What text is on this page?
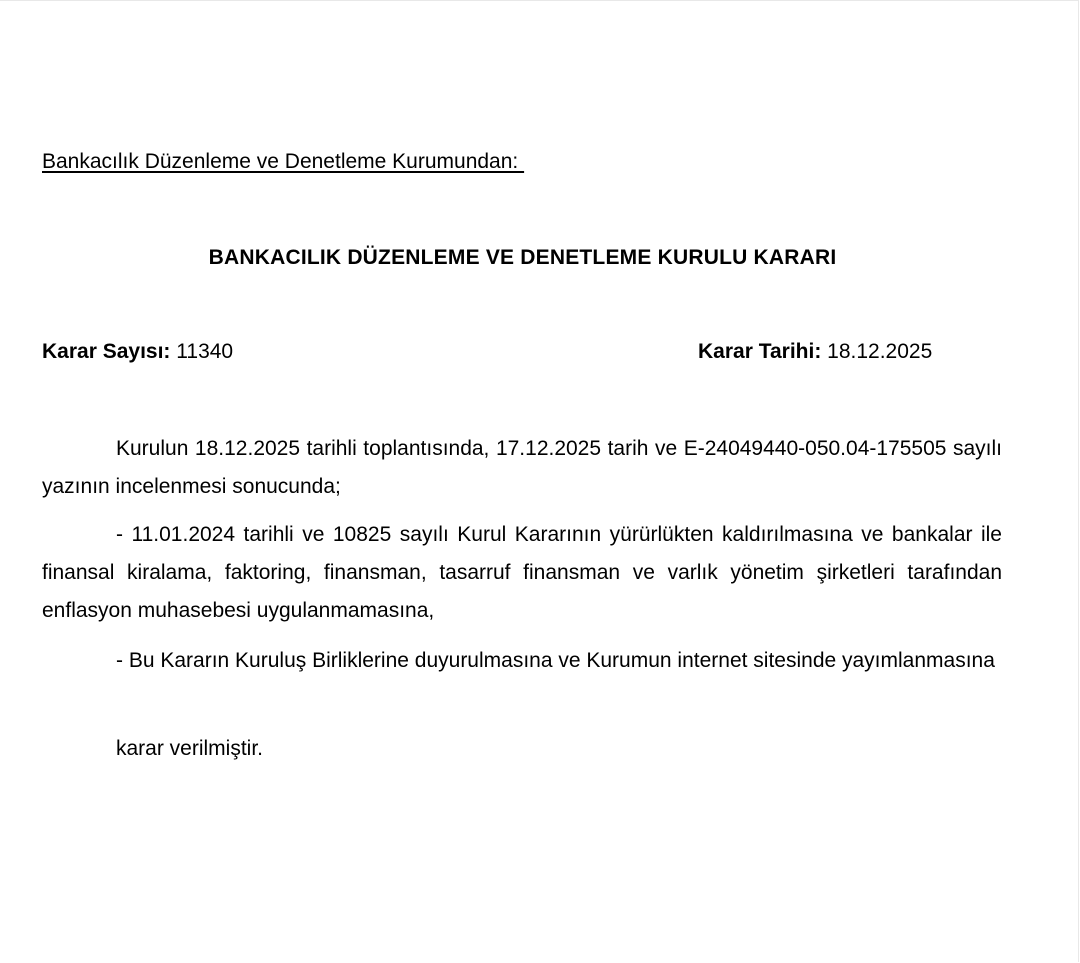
Bankacılık Düzenleme ve Denetleme Kurumundan:
BANKACILIK DÜZENLEME VE DENETLEME KURULU KARARI
Karar Sayısı: 11340	Karar Tarihi: 18.12.2025

Kurulun 18.12.2025 tarihli toplantısında, 17.12.2025 tarih ve E-24049440-050.04-175505 sayılı yazının incelenmesi sonucunda;

- 11.01.2024 tarihli ve 10825 sayılı Kurul Kararının yürürlükten kaldırılmasına ve bankalar ile finansal kiralama, faktoring, finansman, tasarruf finansman ve varlık yönetim şirketleri tarafından enflasyon muhasebesi uygulanmamasına,

- Bu Kararın Kuruluş Birliklerine duyurulmasına ve Kurumun internet sitesinde yayımlanmasına

karar verilmiştir.
